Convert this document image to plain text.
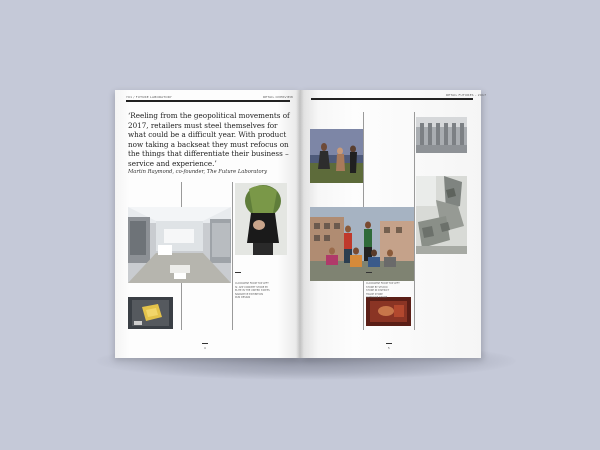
Y01 / FUTURE LABORATORY	RETAIL OVERVIEW
‘Reeling from the geopolitical movements of 2017, retailers must steel themselves for what could be a difficult year. With product now taking a backseat they must refocus on the things that differentiate their business – service and experience.’
Martin Raymond, co-founder, The Future Laboratory
CLOCKWISE FROM TOP LEFT
SI: APP CONCEPT STORE BY
ELITE IN THE UNITED STATES
NARRATIVE EXHIBITION
RUN DESIGN
4
RETAIL FUTURES – 2017
CLOCKWISE FROM TOP LEFT
STORE BY STUDIO
STORE IN DISTRICT
TRADE STORE
OUTDOOR STORE
5
